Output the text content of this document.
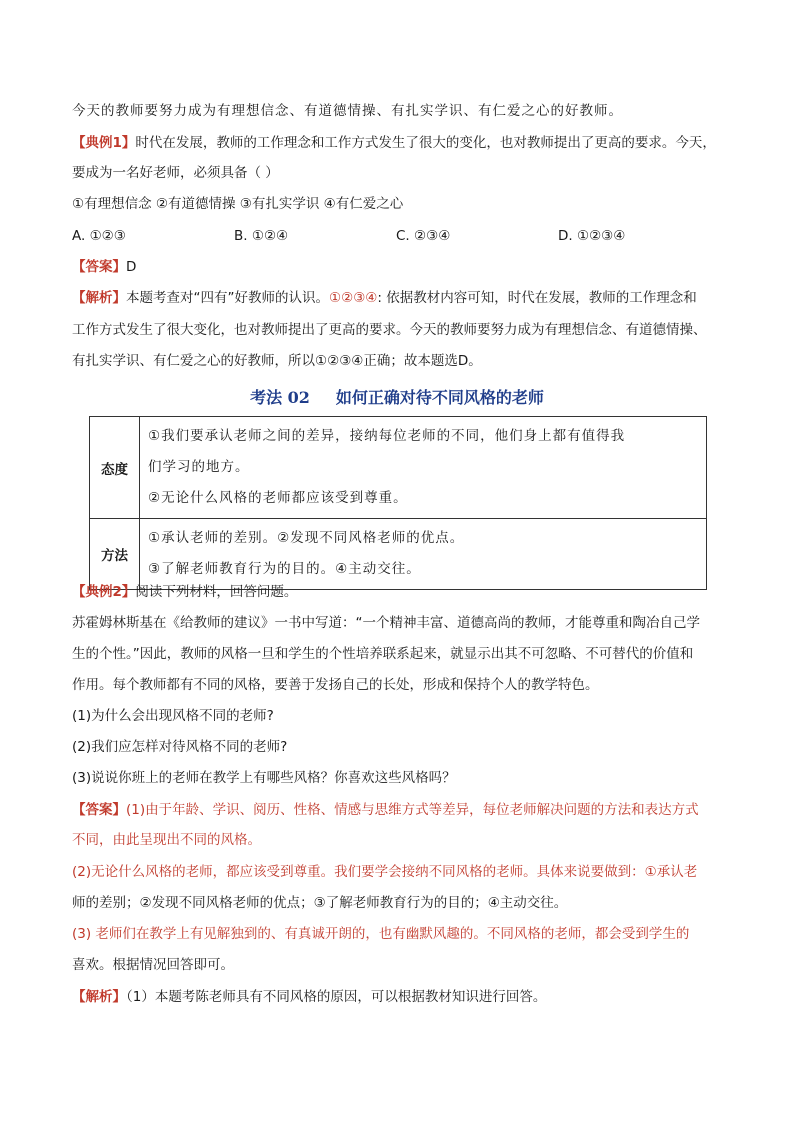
今天的教师要努力成为有理想信念、有道德情操、有扎实学识、有仁爱之心的好教师。
【典例1】时代在发展，教师的工作理念和工作方式发生了很大的变化，也对教师提出了更高的要求。今天，
要成为一名好老师，必须具备（ ）
①有理想信念 ②有道德情操 ③有扎实学识 ④有仁爱之心
A. ①②③	B. ①②④	C. ②③④	D. ①②③④
【答案】D
【解析】本题考查对“四有”好教师的认识。①②③④: 依据教材内容可知，时代在发展，教师的工作理念和
工作方式发生了很大变化，也对教师提出了更高的要求。今天的教师要努力成为有理想信念、有道德情操、
有扎实学识、有仁爱之心的好教师，所以①②③④正确；故本题选D。
考法 02 如何正确对待不同风格的老师
态度	①我们要承认老师之间的差异，接纳每位老师的不同，他们身上都有值得我
们学习的地方。
②无论什么风格的老师都应该受到尊重。

方法	①承认老师的差别。②发现不同风格老师的优点。
③了解老师教育行为的目的。④主动交往。
【典例2】阅读下列材料，回答问题。
苏霍姆林斯基在《给教师的建议》一书中写道：“一个精神丰富、道德高尚的教师，才能尊重和陶冶自己学
生的个性。”因此，教师的风格一旦和学生的个性培养联系起来，就显示出其不可忽略、不可替代的价值和
作用。每个教师都有不同的风格，要善于发扬自己的长处，形成和保持个人的教学特色。
(1)为什么会出现风格不同的老师?
(2)我们应怎样对待风格不同的老师?
(3)说说你班上的老师在教学上有哪些风格？你喜欢这些风格吗？
【答案】(1)由于年龄、学识、阅历、性格、情感与思维方式等差异，每位老师解决问题的方法和表达方式
不同，由此呈现出不同的风格。
(2)无论什么风格的老师，都应该受到尊重。我们要学会接纳不同风格的老师。具体来说要做到：①承认老
师的差别；②发现不同风格老师的优点；③了解老师教育行为的目的；④主动交往。
(3) 老师们在教学上有见解独到的、有真诚开朗的，也有幽默风趣的。不同风格的老师，都会受到学生的
喜欢。根据情况回答即可。
【解析】（1）本题考陈老师具有不同风格的原因，可以根据教材知识进行回答。
